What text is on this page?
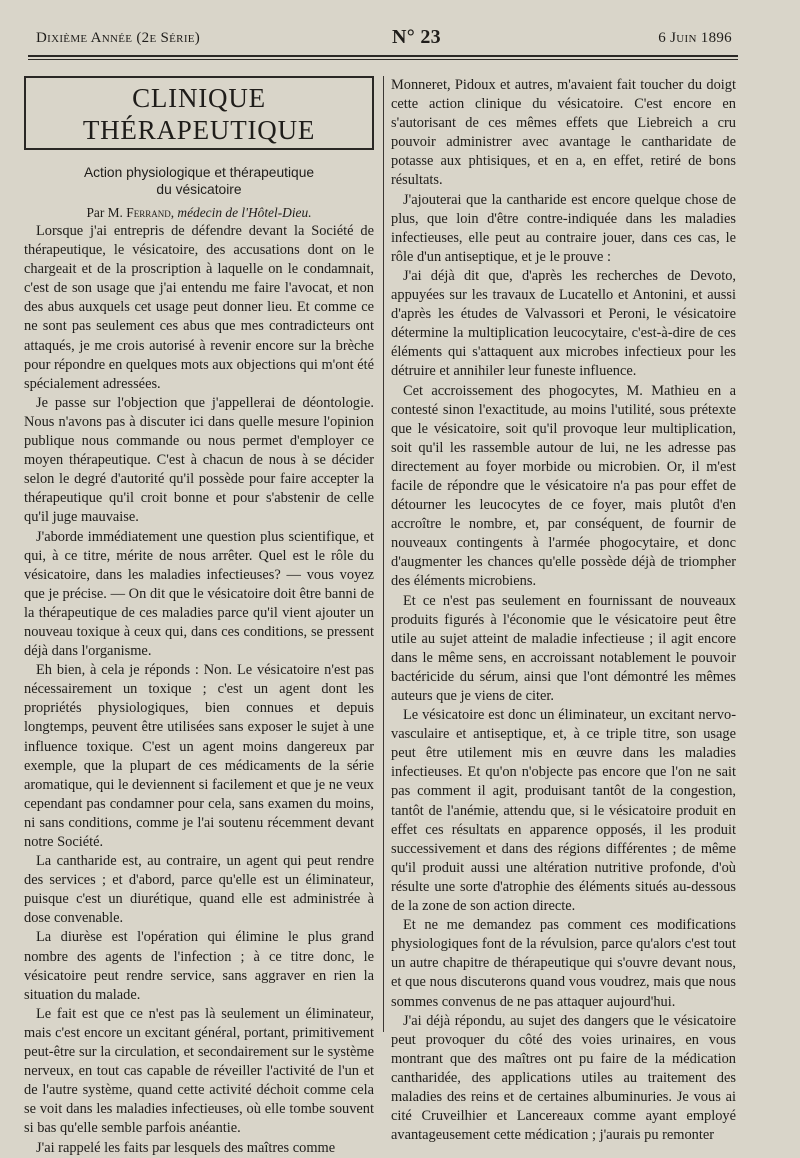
Dixième Année (2e Série)	N° 23	6 Juin 1896
CLINIQUE THÉRAPEUTIQUE
Action physiologique et thérapeutique
du vésicatoire
Par M. Ferrand, médecin de l'Hôtel-Dieu.

Lorsque j'ai entrepris de défendre devant la Société de thérapeutique, le vésicatoire, des accusations dont on le chargeait et de la proscription à laquelle on le condamnait, c'est de son usage que j'ai entendu me faire l'avocat, et non des abus auxquels cet usage peut donner lieu. Et comme ce ne sont pas seulement ces abus que mes contradicteurs ont attaqués, je me crois autorisé à revenir encore sur la brèche pour répondre en quelques mots aux objections qui m'ont été spécialement adressées.

Je passe sur l'objection que j'appellerai de déontologie. Nous n'avons pas à discuter ici dans quelle mesure l'opinion publique nous commande ou nous permet d'employer ce moyen thérapeutique. C'est à chacun de nous à se décider selon le degré d'autorité qu'il possède pour faire accepter la thérapeutique qu'il croit bonne et pour s'abstenir de celle qu'il juge mauvaise.

J'aborde immédiatement une question plus scientifique, et qui, à ce titre, mérite de nous arrêter. Quel est le rôle du vésicatoire, dans les maladies infectieuses? — vous voyez que je précise. — On dit que le vésicatoire doit être banni de la thérapeutique de ces maladies parce qu'il vient ajouter un nouveau toxique à ceux qui, dans ces conditions, se pressent déjà dans l'organisme.

Eh bien, à cela je réponds : Non. Le vésicatoire n'est pas nécessairement un toxique ; c'est un agent dont les propriétés physiologiques, bien connues et depuis longtemps, peuvent être utilisées sans exposer le sujet à une influence toxique. C'est un agent moins dangereux par exemple, que la plupart de ces médicaments de la série aromatique, qui le deviennent si facilement et que je ne veux cependant pas condamner pour cela, sans examen du moins, ni sans conditions, comme je l'ai soutenu récemment devant notre Société.

La cantharide est, au contraire, un agent qui peut rendre des services ; et d'abord, parce qu'elle est un éliminateur, puisque c'est un diurétique, quand elle est administrée à dose convenable.

La diurèse est l'opération qui élimine le plus grand nombre des agents de l'infection ; à ce titre donc, le vésicatoire peut rendre service, sans aggraver en rien la situation du malade.

Le fait est que ce n'est pas là seulement un éliminateur, mais c'est encore un excitant général, portant, primitivement peut-être sur la circulation, et secondairement sur le système nerveux, en tout cas capable de réveiller l'activité de l'un et de l'autre système, quand cette activité déchoit comme cela se voit dans les maladies infectieuses, où elle tombe souvent si bas qu'elle semble parfois anéantie.

J'ai rappelé les faits par lesquels des maîtres comme

Monneret, Pidoux et autres, m'avaient fait toucher du doigt cette action clinique du vésicatoire. C'est encore en s'autorisant de ces mêmes effets que Liebreich a cru pouvoir administrer avec avantage le cantharidate de potasse aux phtisiques, et en a, en effet, retiré de bons résultats.

J'ajouterai que la cantharide est encore quelque chose de plus, que loin d'être contre-indiquée dans les maladies infectieuses, elle peut au contraire jouer, dans ces cas, le rôle d'un antiseptique, et je le prouve :

J'ai déjà dit que, d'après les recherches de Devoto, appuyées sur les travaux de Lucatello et Antonini, et aussi d'après les études de Valvassori et Peroni, le vésicatoire détermine la multiplication leucocytaire, c'est-à-dire de ces éléments qui s'attaquent aux microbes infectieux pour les détruire et annihiler leur funeste influence.

Cet accroissement des phogocytes, M. Mathieu en a contesté sinon l'exactitude, au moins l'utilité, sous prétexte que le vésicatoire, soit qu'il provoque leur multiplication, soit qu'il les rassemble autour de lui, ne les adresse pas directement au foyer morbide ou microbien. Or, il m'est facile de répondre que le vésicatoire n'a pas pour effet de détourner les leucocytes de ce foyer, mais plutôt d'en accroître le nombre, et, par conséquent, de fournir de nouveaux contingents à l'armée phogocytaire, et donc d'augmenter les chances qu'elle possède déjà de triompher des éléments microbiens.

Et ce n'est pas seulement en fournissant de nouveaux produits figurés à l'économie que le vésicatoire peut être utile au sujet atteint de maladie infectieuse ; il agit encore dans le même sens, en accroissant notablement le pouvoir bactéricide du sérum, ainsi que l'ont démontré les mêmes auteurs que je viens de citer.

Le vésicatoire est donc un éliminateur, un excitant nervo-vasculaire et antiseptique, et, à ce triple titre, son usage peut être utilement mis en œuvre dans les maladies infectieuses. Et qu'on n'objecte pas encore que l'on ne sait pas comment il agit, produisant tantôt de la congestion, tantôt de l'anémie, attendu que, si le vésicatoire produit en effet ces résultats en apparence opposés, il les produit successivement et dans des régions différentes ; de même qu'il produit aussi une altération nutritive profonde, d'où résulte une sorte d'atrophie des éléments situés au-dessous de la zone de son action directe.

Et ne me demandez pas comment ces modifications physiologiques font de la révulsion, parce qu'alors c'est tout un autre chapitre de thérapeutique qui s'ouvre devant nous, et que nous discuterons quand vous voudrez, mais que nous sommes convenus de ne pas attaquer aujourd'hui.

J'ai déjà répondu, au sujet des dangers que le vésicatoire peut provoquer du côté des voies urinaires, en vous montrant que des maîtres ont pu faire de la médication cantharidée, des applications utiles au traitement des maladies des reins et de certaines albuminuries. Je vous ai cité Cruveilhier et Lancereaux comme ayant employé avantageusement cette médication ; j'aurais pu remonter
